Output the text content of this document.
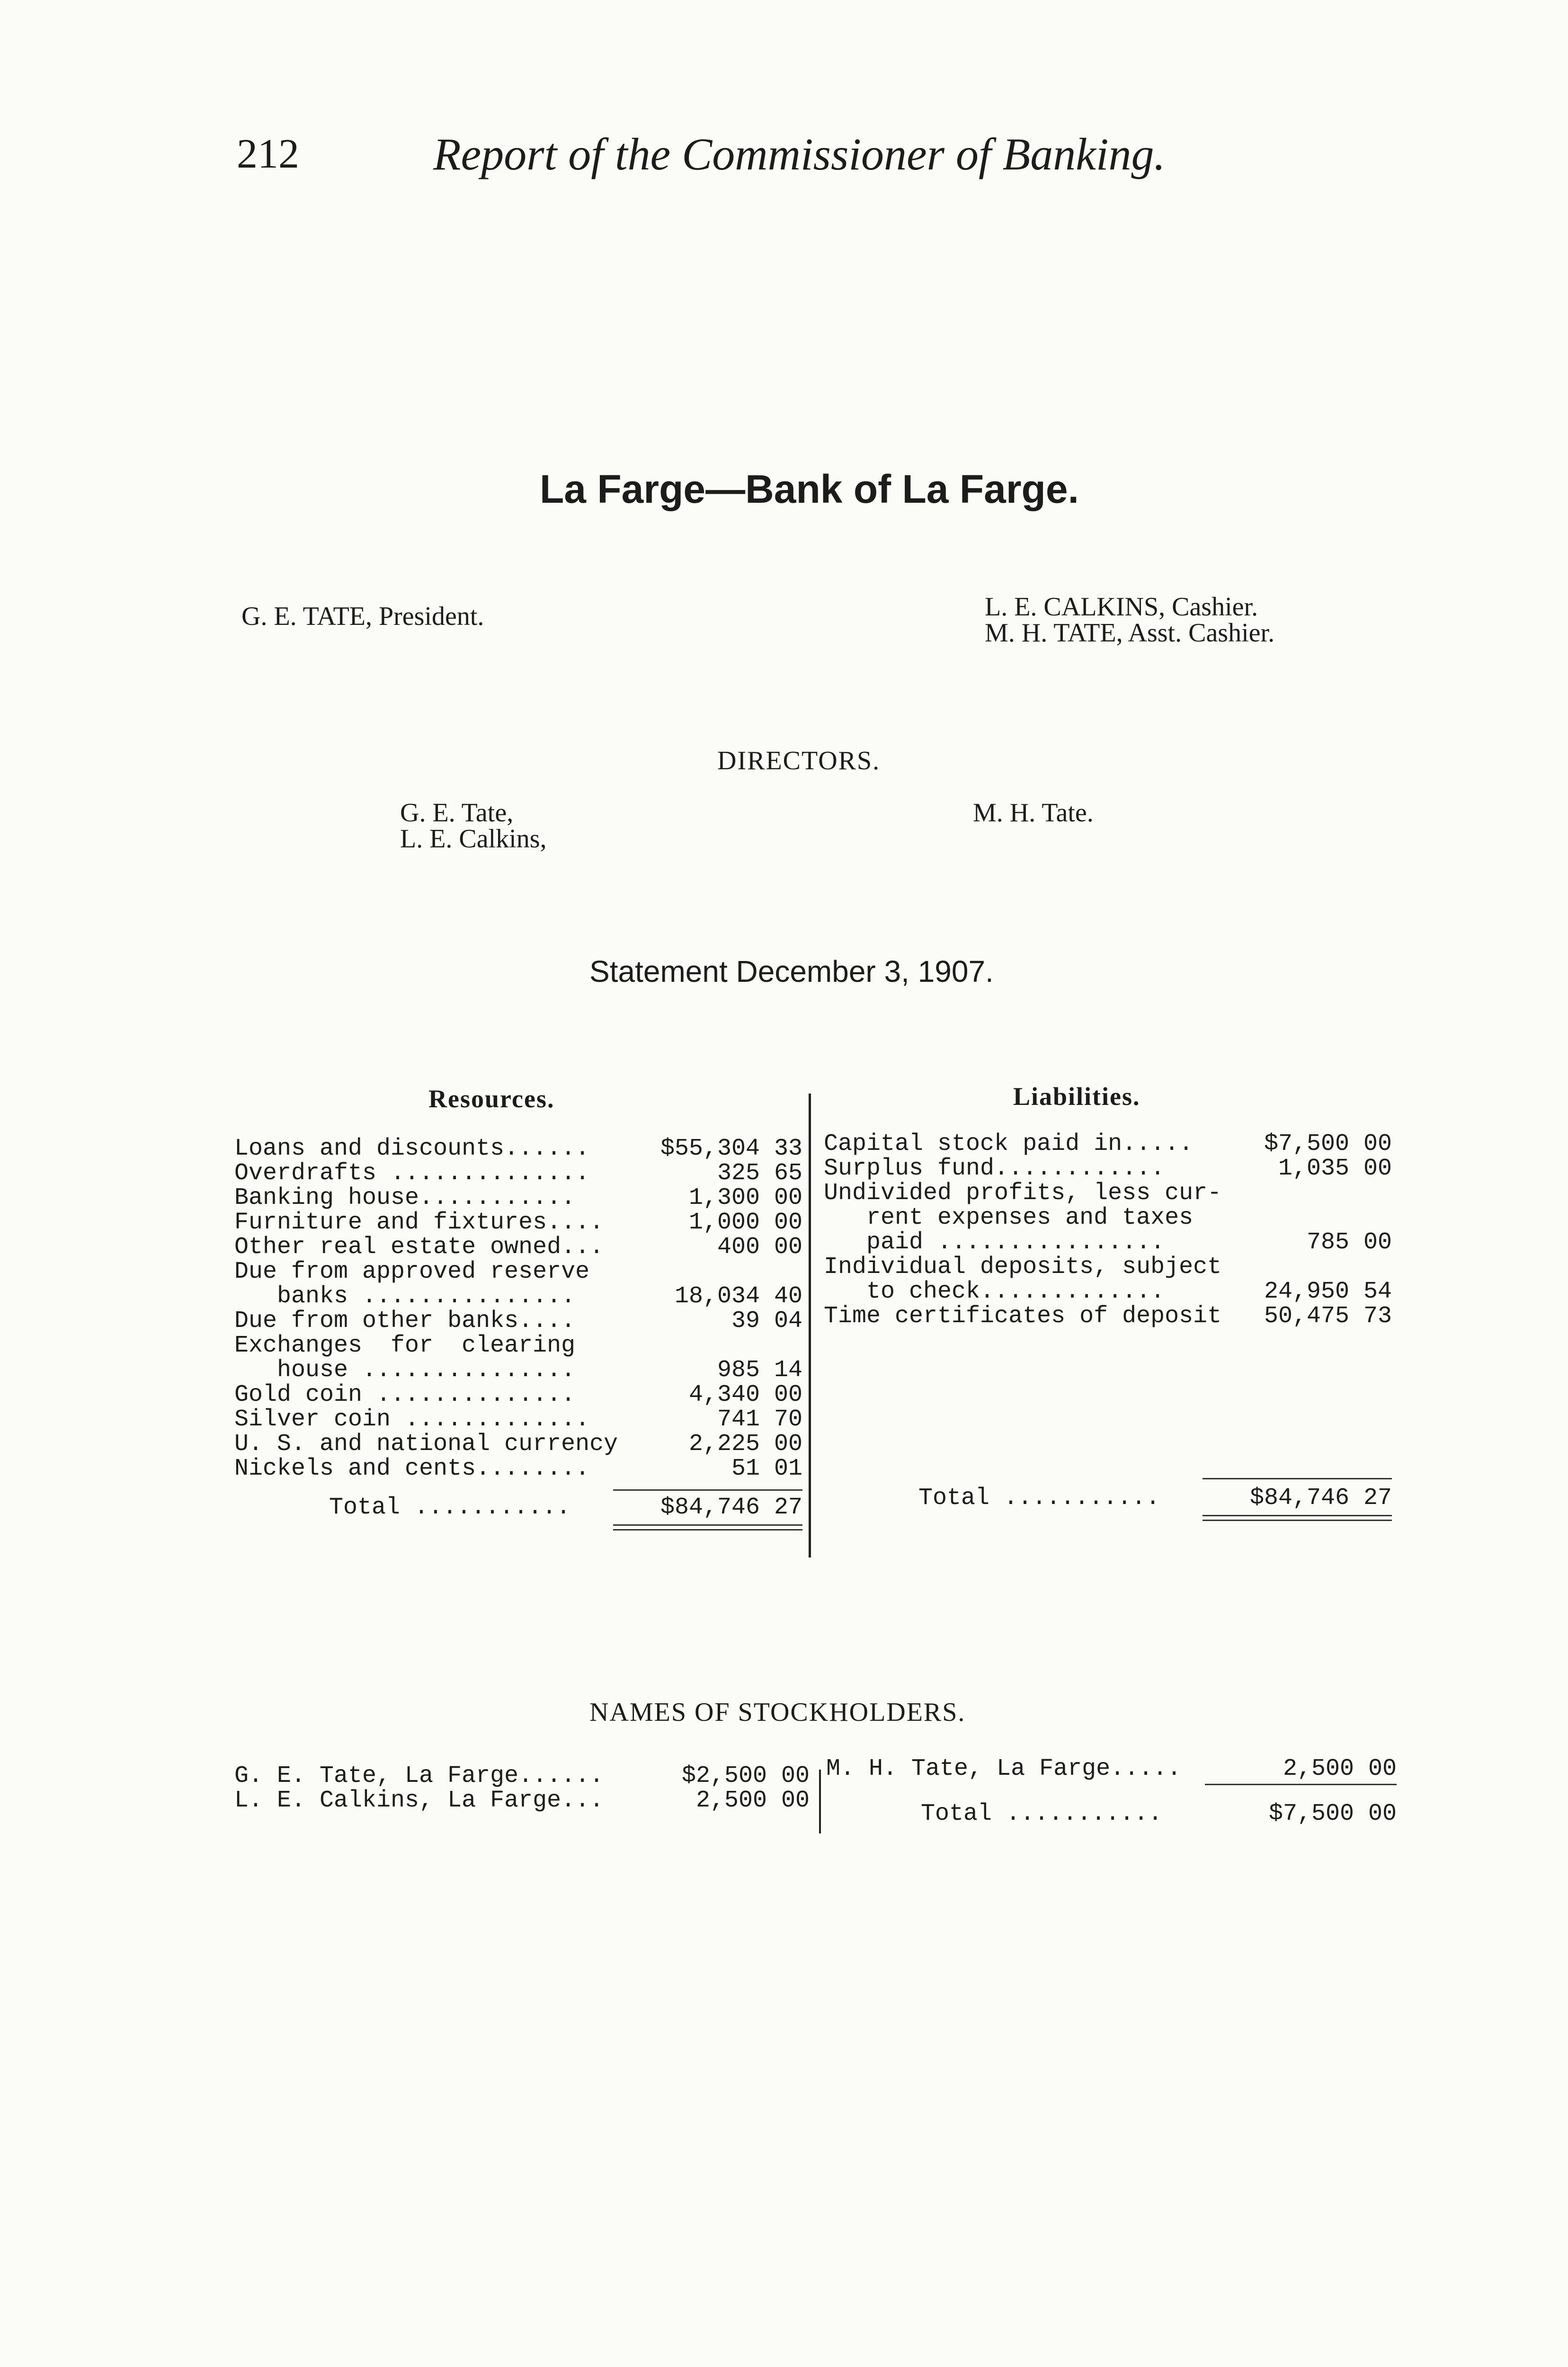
212	Report of the Commissioner of Banking.
La Farge—Bank of La Farge.
G. E. TATE, President.	L. E. CALKINS, Cashier.
M. H. TATE, Asst. Cashier.
DIRECTORS.
G. E. Tate,
L. E. Calkins,
M. H. Tate.
Statement December 3, 1907.
Resources.	Liabilities.
Loans and discounts......	$55,304 33
Overdrafts ..............	325 65
Banking house...........	1,300 00
Furniture and fixtures....	1,000 00
Other real estate owned...	400 00
Due from approved reserve
banks ...............	18,034 40
Due from other banks....	39 04
Exchanges  for  clearing
house ...............	985 14
Gold coin ..............	4,340 00
Silver coin .............	741 70
U. S. and national currency	2,225 00
Nickels and cents........	51 01
Total ...........	$84,746 27
Capital stock paid in.....	$7,500 00
Surplus fund............	1,035 00
Undivided profits, less cur-
rent expenses and taxes
paid ................	785 00
Individual deposits, subject
to check.............	24,950 54
Time certificates of deposit 50,475 73
Total ...........	$84,746 27
NAMES OF STOCKHOLDERS.
G. E. Tate, La Farge......	$2,500 00
L. E. Calkins, La Farge...	2,500 00
M. H. Tate, La Farge.....	2,500 00
Total ...........	$7,500 00
